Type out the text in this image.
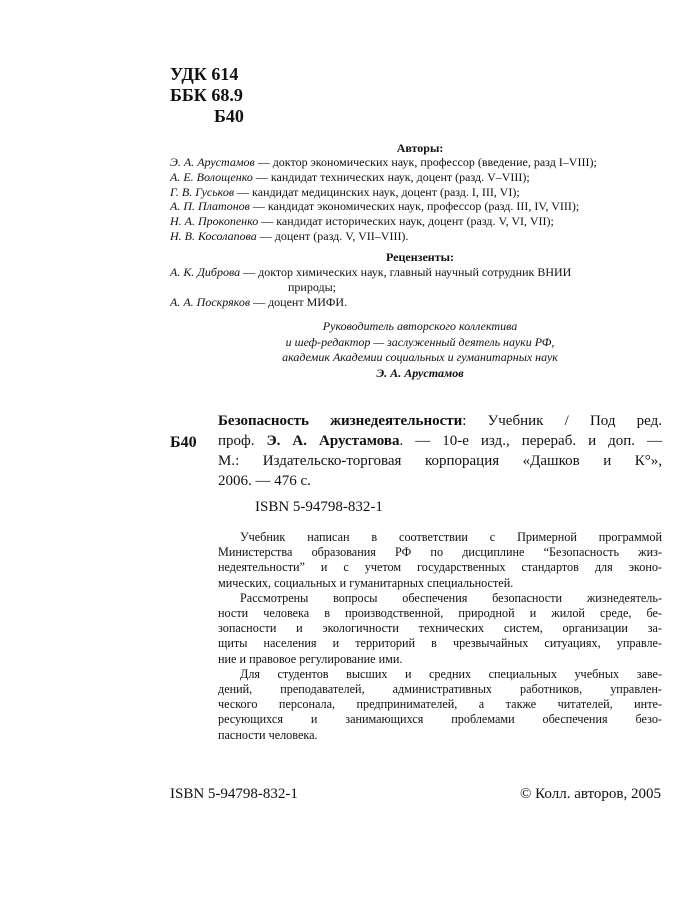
УДК 614
ББК 68.9
Б40
Авторы:
Э. А. Арустамов — доктор экономических наук, профессор (введение, разд I–VIII);
А. Е. Волощенко — кандидат технических наук, доцент (разд. V–VIII);
Г. В. Гуськов — кандидат медицинских наук, доцент (разд. I, III, VI);
А. П. Платонов — кандидат экономических наук, профессор (разд. III, IV, VIII);
Н. А. Прокопенко — кандидат исторических наук, доцент (разд. V, VI, VII);
Н. В. Косолапова — доцент (разд. V, VII–VIII).
Рецензенты:
А. К. Диброва — доктор химических наук, главный научный сотрудник ВНИИ
природы;
А. А. Поскряков — доцент МИФИ.
Руководитель авторского коллектива
и шеф-редактор — заслуженный деятель науки РФ,
академик Академии социальных и гуманитарных наук
Э. А. Арустамов
Б40
Безопасность жизнедеятельности: Учебник / Под ред.
проф. Э. А. Арустамова. — 10-е изд., перераб. и доп. —
М.: Издательско-торговая корпорация «Дашков и К°»,
2006. — 476 с.
ISBN 5-94798-832-1
Учебник написан в соответствии с Примерной программой
Министерства образования РФ по дисциплине “Безопасность жиз-
недеятельности” и с учетом государственных стандартов для эконо-
мических, социальных и гуманитарных специальностей.
Рассмотрены вопросы обеспечения безопасности жизнедеятель-
ности человека в производственной, природной и жилой среде, бе-
зопасности и экологичности технических систем, организации за-
щиты населения и территорий в чрезвычайных ситуациях, управле-
ние и правовое регулирование ими.
Для студентов высших и средних специальных учебных заве-
дений, преподавателей, административных работников, управлен-
ческого персонала, предпринимателей, а также читателей, инте-
ресующихся и занимающихся проблемами обеспечения безо-
пасности человека.
ISBN 5-94798-832-1	© Колл. авторов, 2005
